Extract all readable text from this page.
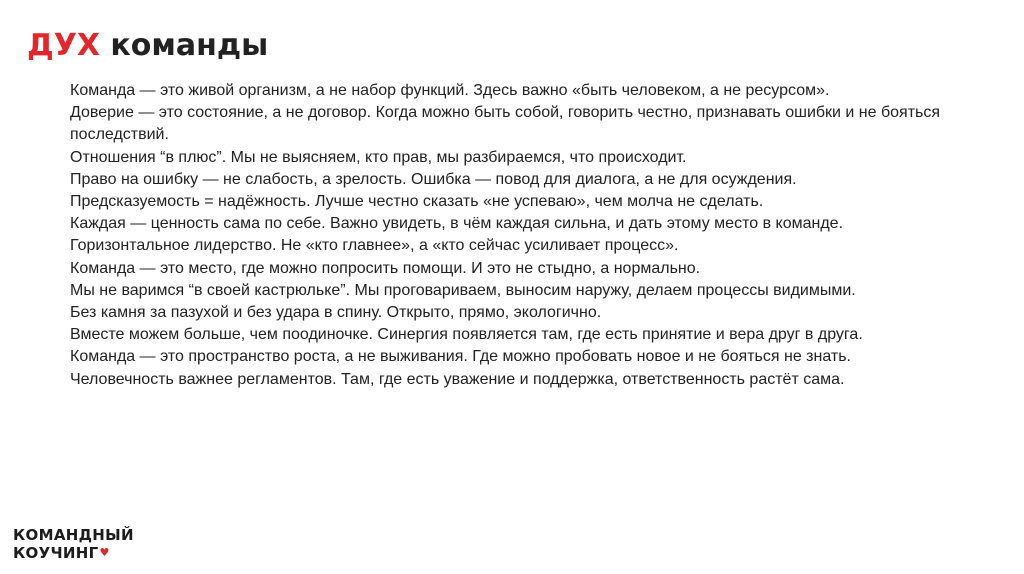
ДУХ команды

Команда — это живой организм, а не набор функций. Здесь важно «быть человеком, а не ресурсом».

Доверие — это состояние, а не договор. Когда можно быть собой, говорить честно, признавать ошибки и не бояться последствий.

Отношения “в плюс”. Мы не выясняем, кто прав, мы разбираемся, что происходит.

Право на ошибку — не слабость, а зрелость. Ошибка — повод для диалога, а не для осуждения.

Предсказуемость = надёжность. Лучше честно сказать «не успеваю», чем молча не сделать.

Каждая — ценность сама по себе. Важно увидеть, в чём каждая сильна, и дать этому место в команде.

Горизонтальное лидерство. Не «кто главнее», а «кто сейчас усиливает процесс».

Команда — это место, где можно попросить помощи. И это не стыдно, а нормально.

Мы не варимся “в своей кастрюльке”. Мы проговариваем, выносим наружу, делаем процессы видимыми.

Без камня за пазухой и без удара в спину. Открыто, прямо, экологично.

Вместе можем больше, чем поодиночке. Синергия появляется там, где есть принятие и вера друг в друга.

Команда — это пространство роста, а не выживания. Где можно пробовать новое и не бояться не знать.

Человечность важнее регламентов. Там, где есть уважение и поддержка, ответственность растёт сама.

КОМАНДНЫЙ
КОУЧИНГ♥
